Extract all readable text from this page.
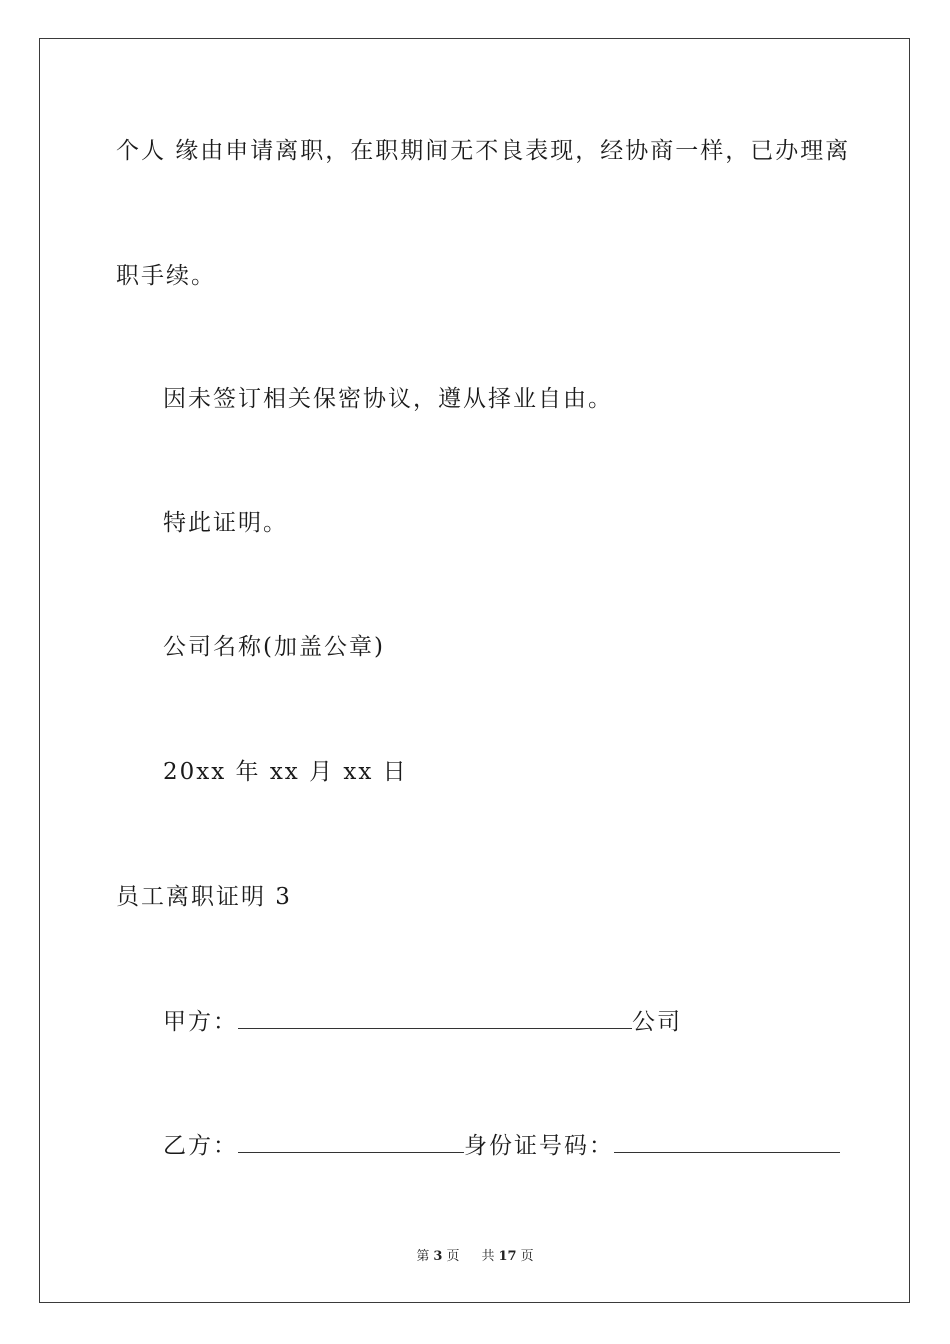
个人 缘由申请离职，在职期间无不良表现，经协商一样，已办理离
职手续。
因未签订相关保密协议，遵从择业自由。
特此证明。
公司名称(加盖公章)
20xx 年 xx 月 xx 日
员工离职证明 3
甲方：	公司
乙方：	身份证号码：
第 3 页 共 17 页
